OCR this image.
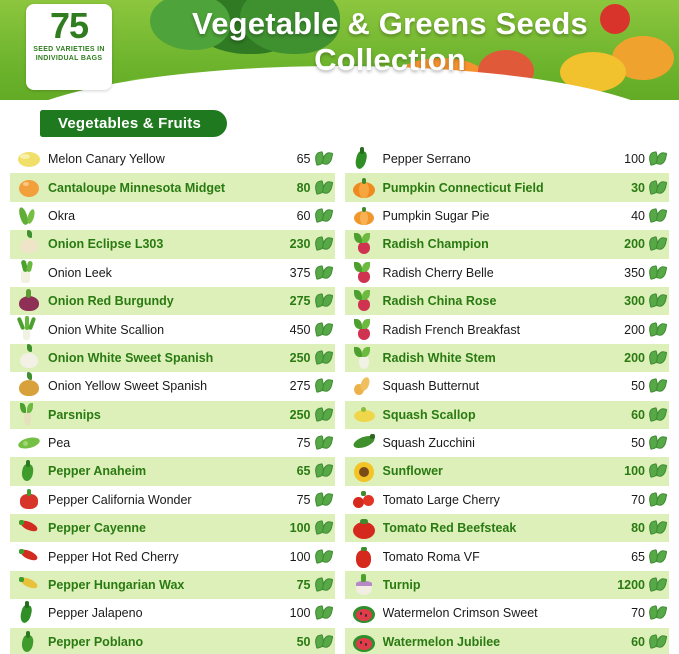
75
SEED VARIETIES IN INDIVIDUAL BAGS
Vegetable & Greens Seeds Collection
Vegetables & Fruits
Melon Canary Yellow	65
Cantaloupe Minnesota Midget	80
Okra	60
Onion Eclipse L303	230
Onion Leek	375
Onion Red Burgundy	275
Onion White Scallion	450
Onion White Sweet Spanish	250
Onion Yellow Sweet Spanish	275
Parsnips	250
Pea	75
Pepper Anaheim	65
Pepper California Wonder	75
Pepper Cayenne	100
Pepper Hot Red Cherry	100
Pepper Hungarian Wax	75
Pepper Jalapeno	100
Pepper Poblano	50
Pepper Serrano	100
Pumpkin Connecticut Field	30
Pumpkin Sugar Pie	40
Radish Champion	200
Radish Cherry Belle	350
Radish China Rose	300
Radish French Breakfast	200
Radish White Stem	200
Squash Butternut	50
Squash Scallop	60
Squash Zucchini	50
Sunflower	100
Tomato Large Cherry	70
Tomato Red Beefsteak	80
Tomato Roma VF	65
Turnip	1200
Watermelon Crimson Sweet	70
Watermelon Jubilee	60
